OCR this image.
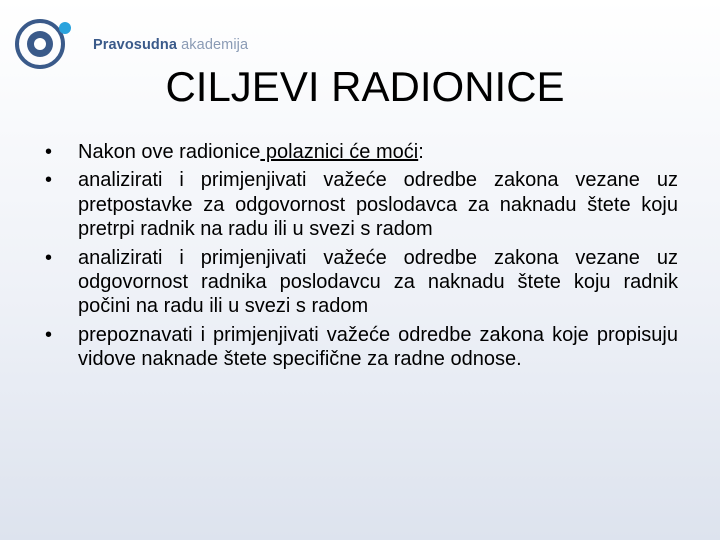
Pravosudna akademija
CILJEVI RADIONICE
• Nakon ove radionice polaznici će moći:
• analizirati i primjenjivati važeće odredbe zakona vezane uz pretpostavke za odgovornost poslodavca za naknadu štete koju pretrpi radnik na radu ili u svezi s radom
• analizirati i primjenjivati važeće odredbe zakona vezane uz odgovornost radnika poslodavcu za naknadu štete koju radnik počini na radu ili u svezi s radom
• prepoznavati i primjenjivati važeće odredbe zakona koje propisuju vidove naknade štete specifične za radne odnose.
